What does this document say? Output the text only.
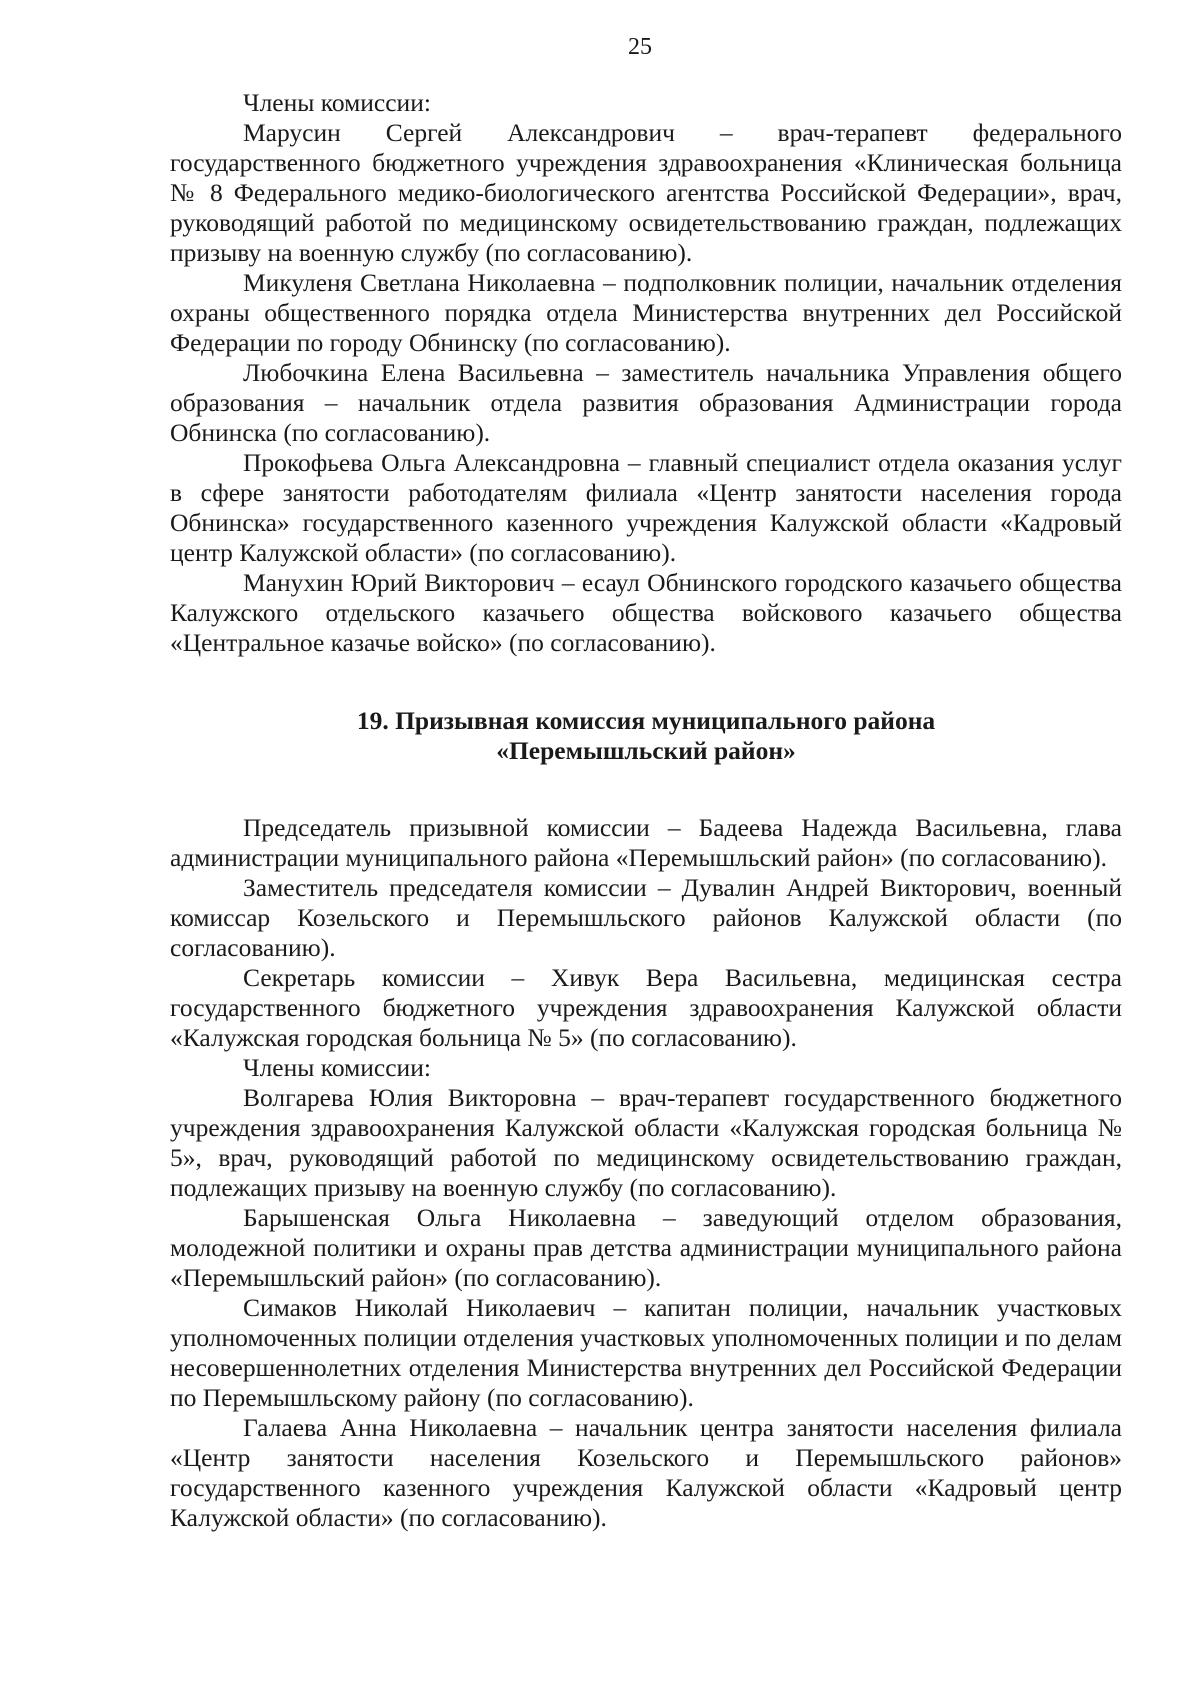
25

Члены комиссии:

Марусин Сергей Александрович – врач-терапевт федерального государственного бюджетного учреждения здравоохранения «Клиническая больница № 8 Федерального медико-биологического агентства Российской Федерации», врач, руководящий работой по медицинскому освидетельствованию граждан, подлежащих призыву на военную службу (по согласованию).

Микуленя Светлана Николаевна – подполковник полиции, начальник отделения охраны общественного порядка отдела Министерства внутренних дел Российской Федерации по городу Обнинску (по согласованию).

Любочкина Елена Васильевна – заместитель начальника Управления общего образования – начальник отдела развития образования Администрации города Обнинска (по согласованию).

Прокофьева Ольга Александровна – главный специалист отдела оказания услуг в сфере занятости работодателям филиала «Центр занятости населения города Обнинска» государственного казенного учреждения Калужской области «Кадровый центр Калужской области» (по согласованию).

Манухин Юрий Викторович – есаул Обнинского городского казачьего общества Калужского отдельского казачьего общества войскового казачьего общества «Центральное казачье войско» (по согласованию).

19. Призывная комиссия муниципального района

«Перемышльский район»

Председатель призывной комиссии – Бадеева Надежда Васильевна, глава администрации муниципального района «Перемышльский район» (по согласованию).

Заместитель председателя комиссии – Дувалин Андрей Викторович, военный комиссар Козельского и Перемышльского районов Калужской области (по согласованию).

Секретарь комиссии – Хивук Вера Васильевна, медицинская сестра государственного бюджетного учреждения здравоохранения Калужской области «Калужская городская больница № 5» (по согласованию).

Члены комиссии:

Волгарева Юлия Викторовна – врач-терапевт государственного бюджетного учреждения здравоохранения Калужской области «Калужская городская больница № 5», врач, руководящий работой по медицинскому освидетельствованию граждан, подлежащих призыву на военную службу (по согласованию).

Барышенская Ольга Николаевна – заведующий отделом образования, молодежной политики и охраны прав детства администрации муниципального района «Перемышльский район» (по согласованию).

Симаков Николай Николаевич – капитан полиции, начальник участковых уполномоченных полиции отделения участковых уполномоченных полиции и по делам несовершеннолетних отделения Министерства внутренних дел Российской Федерации по Перемышльскому району (по согласованию).

Галаева Анна Николаевна – начальник центра занятости населения филиала «Центр занятости населения Козельского и Перемышльского районов» государственного казенного учреждения Калужской области «Кадровый центр Калужской области» (по согласованию).
